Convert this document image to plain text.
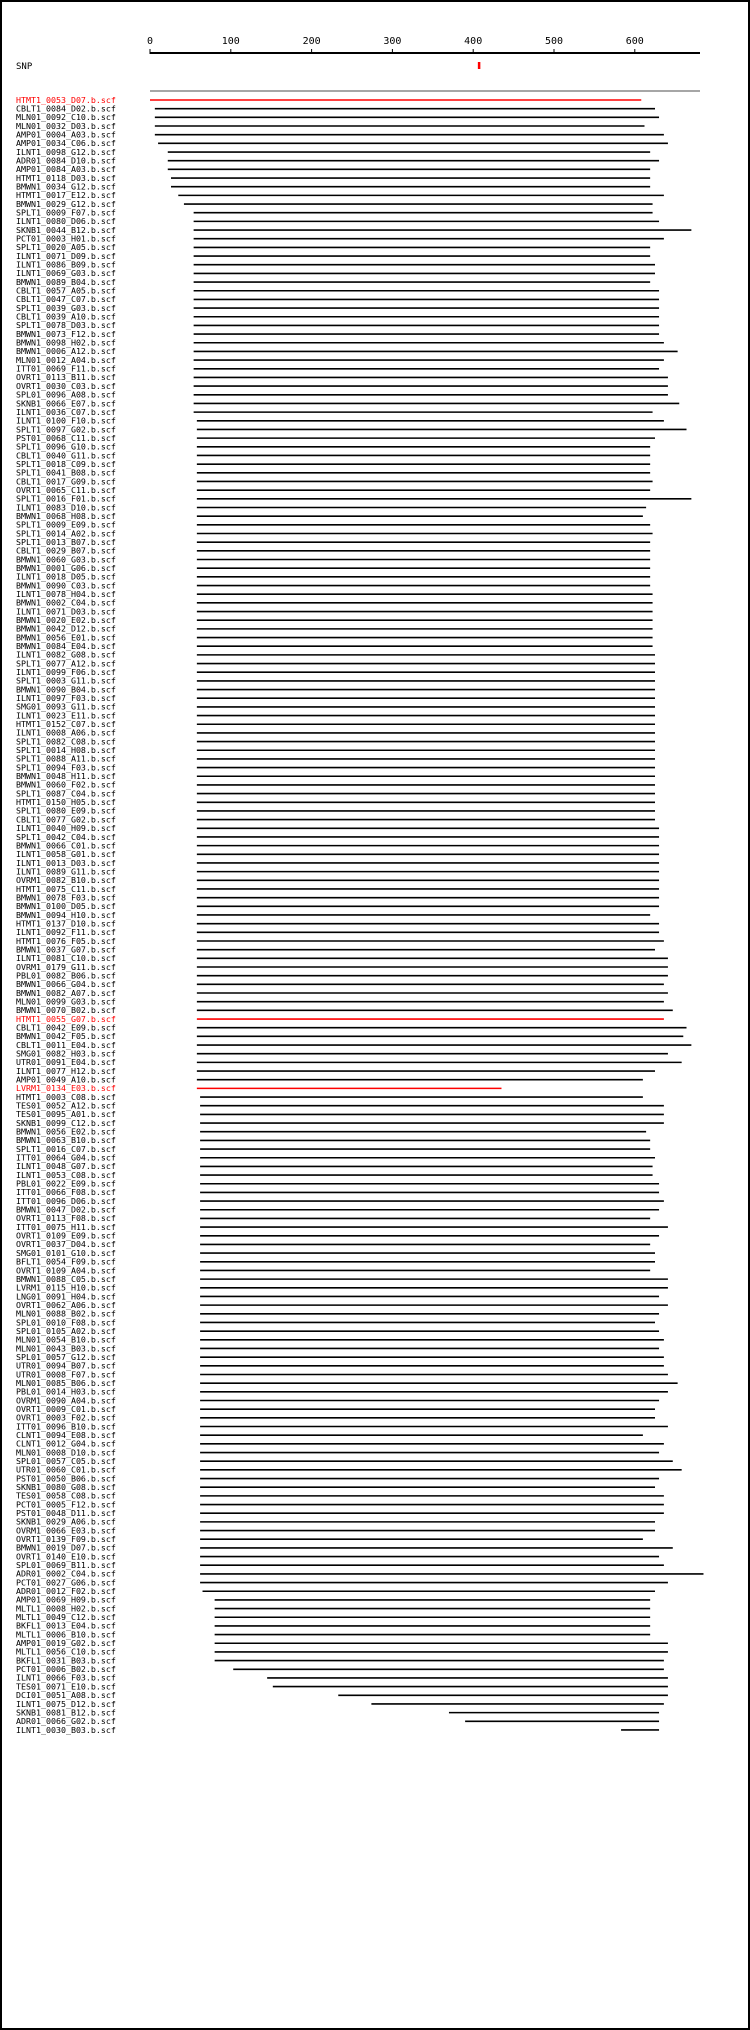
0	100	200	300	400	500	600
SNP
HTMT1_0053_D07.b.scf
CBLT1_0084_D02.b.scf
MLN01_0092_C10.b.scf
MLN01_0032_D03.b.scf
AMP01_0004_A03.b.scf
AMP01_0034_C06.b.scf
ILNT1_0098_G12.b.scf
ADR01_0084_D10.b.scf
AMP01_0084_A03.b.scf
HTMT1_0118_D03.b.scf
BMWN1_0034_G12.b.scf
HTMT1_0017_E12.b.scf
BMWN1_0029_G12.b.scf
SPLT1_0009_F07.b.scf
ILNT1_0080_D06.b.scf
SKNB1_0044_B12.b.scf
PCT01_0003_H01.b.scf
SPLT1_0020_A05.b.scf
ILNT1_0071_D09.b.scf
ILNT1_0086_B09.b.scf
ILNT1_0069_G03.b.scf
BMWN1_0089_B04.b.scf
CBLT1_0057_A05.b.scf
CBLT1_0047_C07.b.scf
SPLT1_0039_G03.b.scf
CBLT1_0039_A10.b.scf
SPLT1_0078_D03.b.scf
BMWN1_0073_F12.b.scf
BMWN1_0098_H02.b.scf
BMWN1_0006_A12.b.scf
MLN01_0012_A04.b.scf
ITT01_0069_F11.b.scf
OVRT1_0113_B11.b.scf
OVRT1_0030_C03.b.scf
SPL01_0096_A08.b.scf
SKNB1_0066_E07.b.scf
ILNT1_0036_C07.b.scf
ILNT1_0100_F10.b.scf
SPLT1_0097_G02.b.scf
PST01_0068_C11.b.scf
SPLT1_0096_G10.b.scf
CBLT1_0040_G11.b.scf
SPLT1_0018_C09.b.scf
SPLT1_0041_B08.b.scf
CBLT1_0017_G09.b.scf
OVRT1_0065_C11.b.scf
SPLT1_0016_F01.b.scf
ILNT1_0083_D10.b.scf
BMWN1_0068_H08.b.scf
SPLT1_0009_E09.b.scf
SPLT1_0014_A02.b.scf
SPLT1_0013_B07.b.scf
CBLT1_0029_B07.b.scf
BMWN1_0060_G03.b.scf
BMWN1_0001_G06.b.scf
ILNT1_0018_D05.b.scf
BMWN1_0090_C03.b.scf
ILNT1_0078_H04.b.scf
BMWN1_0002_C04.b.scf
ILNT1_0071_D03.b.scf
BMWN1_0020_E02.b.scf
BMWN1_0042_D12.b.scf
BMWN1_0056_E01.b.scf
BMWN1_0084_E04.b.scf
ILNT1_0082_G08.b.scf
SPLT1_0077_A12.b.scf
ILNT1_0099_F06.b.scf
SPLT1_0003_G11.b.scf
BMWN1_0090_B04.b.scf
ILNT1_0097_F03.b.scf
SMG01_0093_G11.b.scf
ILNT1_0023_E11.b.scf
HTMT1_0152_C07.b.scf
ILNT1_0008_A06.b.scf
SPLT1_0082_C08.b.scf
SPLT1_0014_H08.b.scf
SPLT1_0088_A11.b.scf
SPLT1_0094_F03.b.scf
BMWN1_0048_H11.b.scf
BMWN1_0060_F02.b.scf
SPLT1_0087_C04.b.scf
HTMT1_0150_H05.b.scf
SPLT1_0080_E09.b.scf
CBLT1_0077_G02.b.scf
ILNT1_0040_H09.b.scf
SPLT1_0042_C04.b.scf
BMWN1_0066_C01.b.scf
ILNT1_0058_G01.b.scf
ILNT1_0013_D03.b.scf
ILNT1_0089_G11.b.scf
OVRM1_0082_B10.b.scf
HTMT1_0075_C11.b.scf
BMWN1_0078_F03.b.scf
BMWN1_0100_D05.b.scf
BMWN1_0094_H10.b.scf
HTMT1_0137_D10.b.scf
ILNT1_0092_F11.b.scf
HTMT1_0076_F05.b.scf
BMWN1_0037_G07.b.scf
ILNT1_0081_C10.b.scf
OVRM1_0179_G11.b.scf
PBL01_0082_B06.b.scf
BMWN1_0066_G04.b.scf
BMWN1_0082_A07.b.scf
MLN01_0099_G03.b.scf
BMWN1_0070_B02.b.scf
HTMT1_0055_G07.b.scf
CBLT1_0042_E09.b.scf
BMWN1_0042_F05.b.scf
CBLT1_0011_E04.b.scf
SMG01_0082_H03.b.scf
UTR01_0091_E04.b.scf
ILNT1_0077_H12.b.scf
AMP01_0049_A10.b.scf
LVRM1_0134_E03.b.scf
HTMT1_0003_C08.b.scf
TES01_0052_A12.b.scf
TES01_0095_A01.b.scf
SKNB1_0099_C12.b.scf
BMWN1_0056_E02.b.scf
BMWN1_0063_B10.b.scf
SPLT1_0016_C07.b.scf
ITT01_0064_G04.b.scf
ILNT1_0048_G07.b.scf
ILNT1_0053_C08.b.scf
PBL01_0022_E09.b.scf
ITT01_0066_F08.b.scf
ITT01_0096_D06.b.scf
BMWN1_0047_D02.b.scf
OVRT1_0113_F08.b.scf
ITT01_0075_H11.b.scf
OVRT1_0109_E09.b.scf
OVRT1_0037_D04.b.scf
SMG01_0101_G10.b.scf
BFLT1_0054_F09.b.scf
OVRT1_0109_A04.b.scf
BMWN1_0088_C05.b.scf
LVRM1_0115_H10.b.scf
LNG01_0091_H04.b.scf
OVRT1_0062_A06.b.scf
MLN01_0088_B02.b.scf
SPL01_0010_F08.b.scf
SPL01_0105_A02.b.scf
MLN01_0054_B10.b.scf
MLN01_0043_B03.b.scf
SPL01_0057_G12.b.scf
UTR01_0094_B07.b.scf
UTR01_0008_F07.b.scf
MLN01_0085_B06.b.scf
PBL01_0014_H03.b.scf
OVRM1_0090_A04.b.scf
OVRT1_0009_C01.b.scf
OVRT1_0003_F02.b.scf
ITT01_0096_B10.b.scf
CLNT1_0094_E08.b.scf
CLNT1_0012_G04.b.scf
MLN01_0008_D10.b.scf
SPL01_0057_C05.b.scf
UTR01_0060_C01.b.scf
PST01_0050_B06.b.scf
SKNB1_0080_G08.b.scf
TES01_0058_C08.b.scf
PCT01_0005_F12.b.scf
PST01_0048_D11.b.scf
SKNB1_0029_A06.b.scf
OVRM1_0066_E03.b.scf
OVRT1_0139_F09.b.scf
BMWN1_0019_D07.b.scf
OVRT1_0140_E10.b.scf
SPL01_0069_B11.b.scf
ADR01_0002_C04.b.scf
PCT01_0027_G06.b.scf
ADR01_0012_F02.b.scf
AMP01_0069_H09.b.scf
MLTL1_0008_H02.b.scf
MLTL1_0049_C12.b.scf
BKFL1_0013_E04.b.scf
MLTL1_0006_B10.b.scf
AMP01_0019_G02.b.scf
MLTL1_0056_C10.b.scf
BKFL1_0031_B03.b.scf
PCT01_0006_B02.b.scf
ILNT1_0066_F03.b.scf
TES01_0071_E10.b.scf
DCI01_0051_A08.b.scf
ILNT1_0075_D12.b.scf
SKNB1_0081_B12.b.scf
ADR01_0066_G02.b.scf
ILNT1_0030_B03.b.scf
